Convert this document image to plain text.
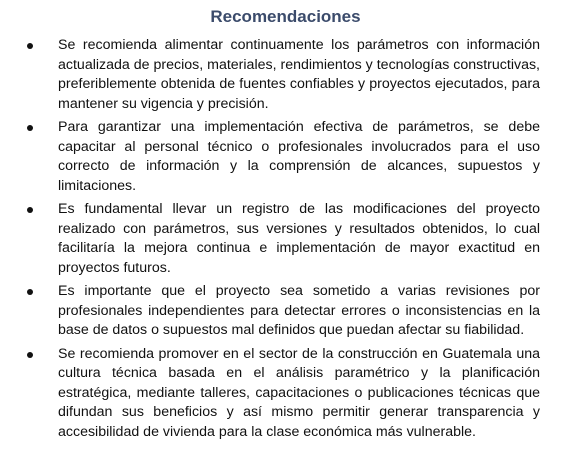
Recomendaciones
Se recomienda alimentar continuamente los parámetros con información actualizada de precios, materiales, rendimientos y tecnologías constructivas, preferiblemente obtenida de fuentes confiables y proyectos ejecutados, para mantener su vigencia y precisión.
Para garantizar una implementación efectiva de parámetros, se debe capacitar al personal técnico o profesionales involucrados para el uso correcto de información y la comprensión de alcances, supuestos y limitaciones.
Es fundamental llevar un registro de las modificaciones del proyecto realizado con parámetros, sus versiones y resultados obtenidos, lo cual facilitaría la mejora continua e implementación de mayor exactitud en proyectos futuros.
Es importante que el proyecto sea sometido a varias revisiones por profesionales independientes para detectar errores o inconsistencias en la base de datos o supuestos mal definidos que puedan afectar su fiabilidad.
Se recomienda promover en el sector de la construcción en Guatemala una cultura técnica basada en el análisis paramétrico y la planificación estratégica, mediante talleres, capacitaciones o publicaciones técnicas que difundan sus beneficios y así mismo permitir generar transparencia y accesibilidad de vivienda para la clase económica más vulnerable.
